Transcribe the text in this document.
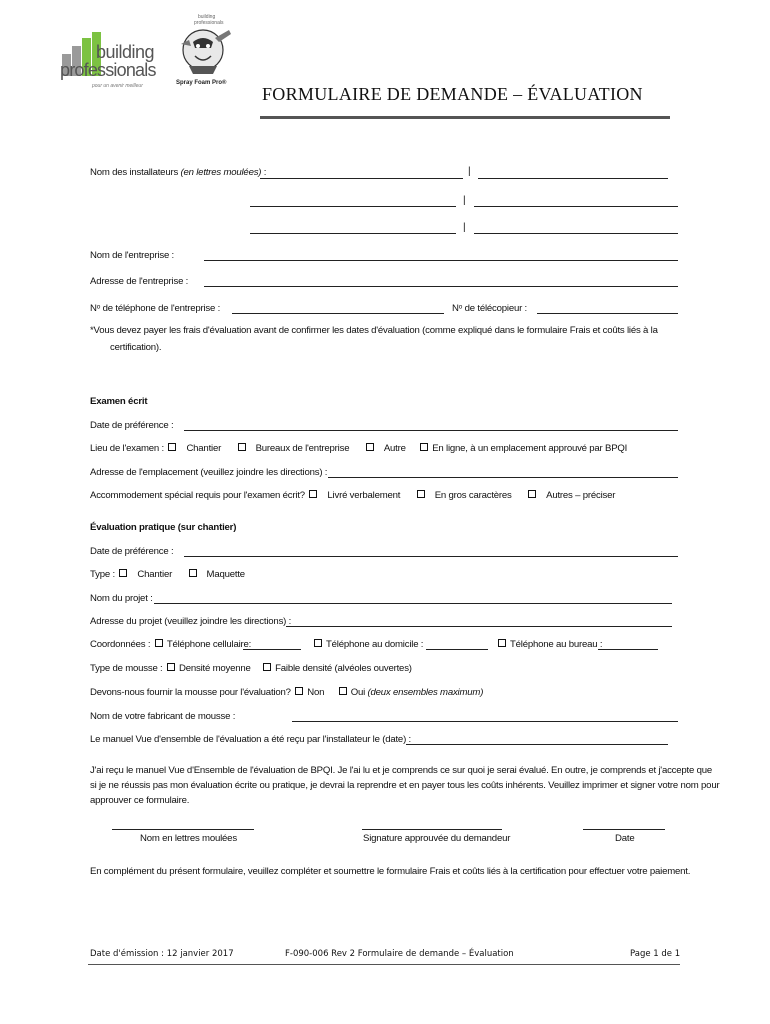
building
professionals
pour un avenir meilleur
building
professionals
Spray Foam Pro®
FORMULAIRE DE DEMANDE – ÉVALUATION
Nom des installateurs (en lettres moulées) :	|
|
|
Nom de l'entreprise :
Adresse de l'entreprise :
Nᵒ de téléphone de l'entreprise :	Nᵒ de télécopieur :
*Vous devez payer les frais d'évaluation avant de confirmer les dates d'évaluation (comme expliqué dans le formulaire Frais et coûts liés à la
certification).
Examen écrit
Date de préférence :
Lieu de l'examen : Chantier	Bureaux de l'entreprise	Autre	En ligne, à un emplacement approuvé par BPQI
Adresse de l'emplacement (veuillez joindre les directions) :
Accommodement spécial requis pour l'examen écrit? Livré verbalement	En gros caractères	Autres – préciser
Évaluation pratique (sur chantier)
Date de préférence :
Type : Chantier	Maquette
Nom du projet :
Adresse du projet (veuillez joindre les directions) :
Coordonnées : Téléphone cellulaire:	Téléphone au domicile :	Téléphone au bureau :
Type de mousse : Densité moyenne	Faible densité (alvéoles ouvertes)
Devons-nous fournir la mousse pour l'évaluation? Non	Oui (deux ensembles maximum)
Nom de votre fabricant de mousse :
Le manuel Vue d'ensemble de l'évaluation a été reçu par l'installateur le (date) :
J'ai reçu le manuel Vue d'Ensemble de l'évaluation de BPQI. Je l'ai lu et je comprends ce sur quoi je serai évalué. En outre, je comprends et j'accepte que
si je ne réussis pas mon évaluation écrite ou pratique, je devrai la reprendre et en payer tous les coûts inhérents. Veuillez imprimer et signer votre nom pour
approuver ce formulaire.
Nom en lettres moulées	Signature approuvée du demandeur	Date
En complément du présent formulaire, veuillez compléter et soumettre le formulaire Frais et coûts liés à la certification pour effectuer votre paiement.
Date d'émission : 12 janvier 2017	F-090-006 Rev 2 Formulaire de demande – Évaluation	Page 1 de 1
